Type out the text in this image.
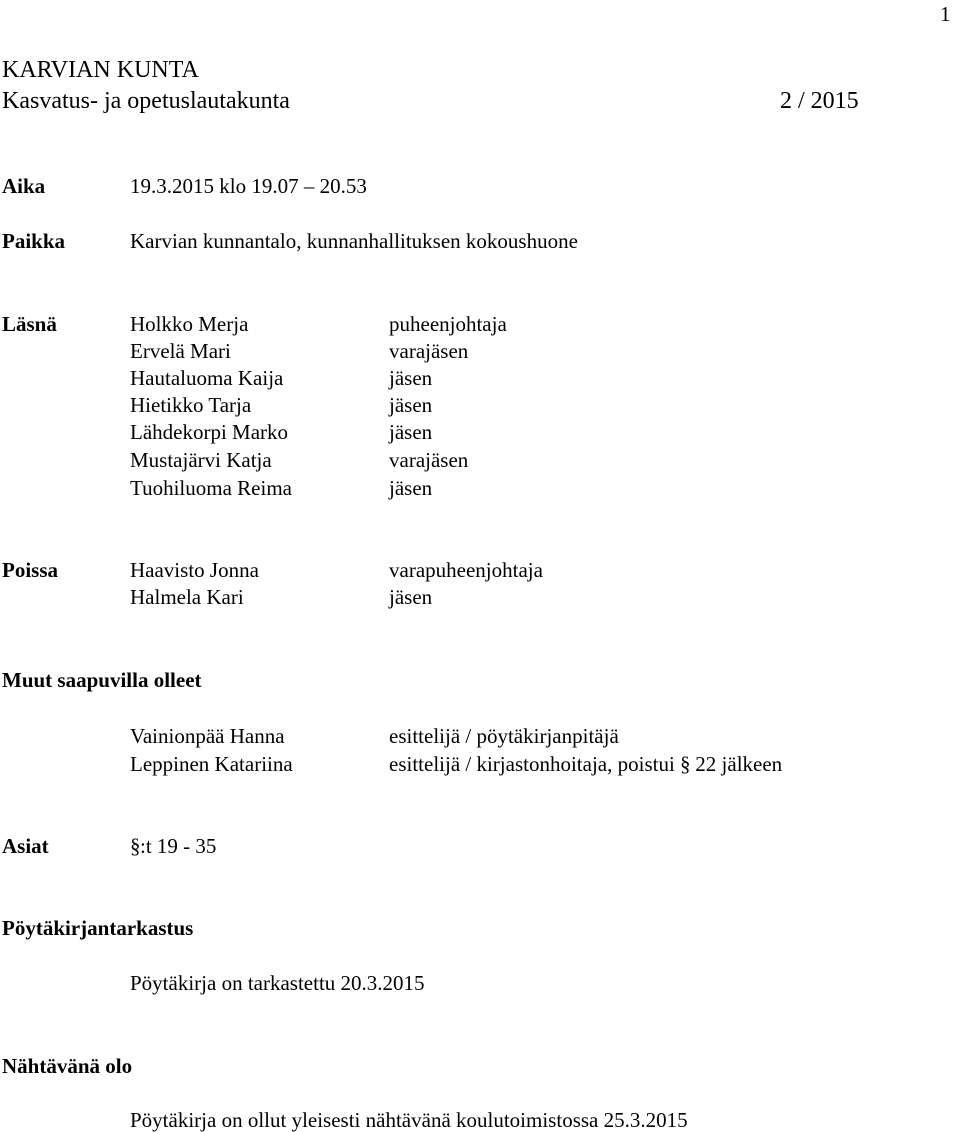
1
KARVIAN KUNTA
Kasvatus- ja opetuslautakunta	2 / 2015
Aika	19.3.2015 klo 19.07 – 20.53
Paikka	Karvian kunnantalo, kunnanhallituksen kokoushuone
Läsnä	Holkko Merja	puheenjohtaja
Ervelä Mari	varajäsen
Hautaluoma Kaija	jäsen
Hietikko Tarja	jäsen
Lähdekorpi Marko	jäsen
Mustajärvi Katja	varajäsen
Tuohiluoma Reima	jäsen
Poissa	Haavisto Jonna	varapuheenjohtaja
Halmela Kari	jäsen
Muut saapuvilla olleet
Vainionpää Hanna	esittelijä / pöytäkirjanpitäjä
Leppinen Katariina	esittelijä / kirjastonhoitaja, poistui § 22 jälkeen
Asiat	§:t 19 - 35
Pöytäkirjantarkastus
Pöytäkirja on tarkastettu 20.3.2015
Nähtävänä olo
Pöytäkirja on ollut yleisesti nähtävänä koulutoimistossa 25.3.2015
